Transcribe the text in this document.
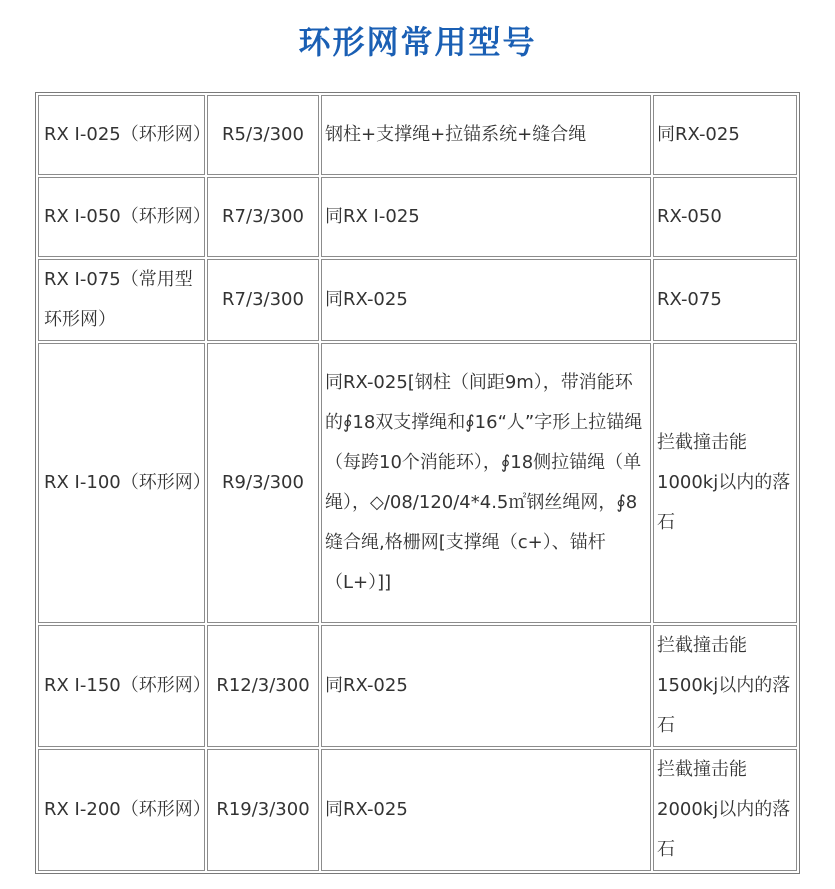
环形网常用型号
RX I-025（环形网）	R5/3/300	钢柱+支撑绳+拉锚系统+缝合绳	同RX-025
RX I-050（环形网）	R7/3/300	同RX I-025	RX-050
RX I-075（常用型环形网）	R7/3/300	同RX-025	RX-075
RX I-100（环形网）	R9/3/300	同RX-025[钢柱（间距9m），带消能环的∮18双支撑绳和∮16“人”字形上拉锚绳（每跨10个消能环），∮18侧拉锚绳（单绳），◇/08/120/4*4.5㎡钢丝绳网，∮8缝合绳,格栅网[支撑绳（c+）、锚杆（L+）]]	拦截撞击能1000kj以内的落石
RX I-150（环形网）	R12/3/300	同RX-025	拦截撞击能1500kj以内的落石
RX I-200（环形网）	R19/3/300	同RX-025	拦截撞击能2000kj以内的落石
